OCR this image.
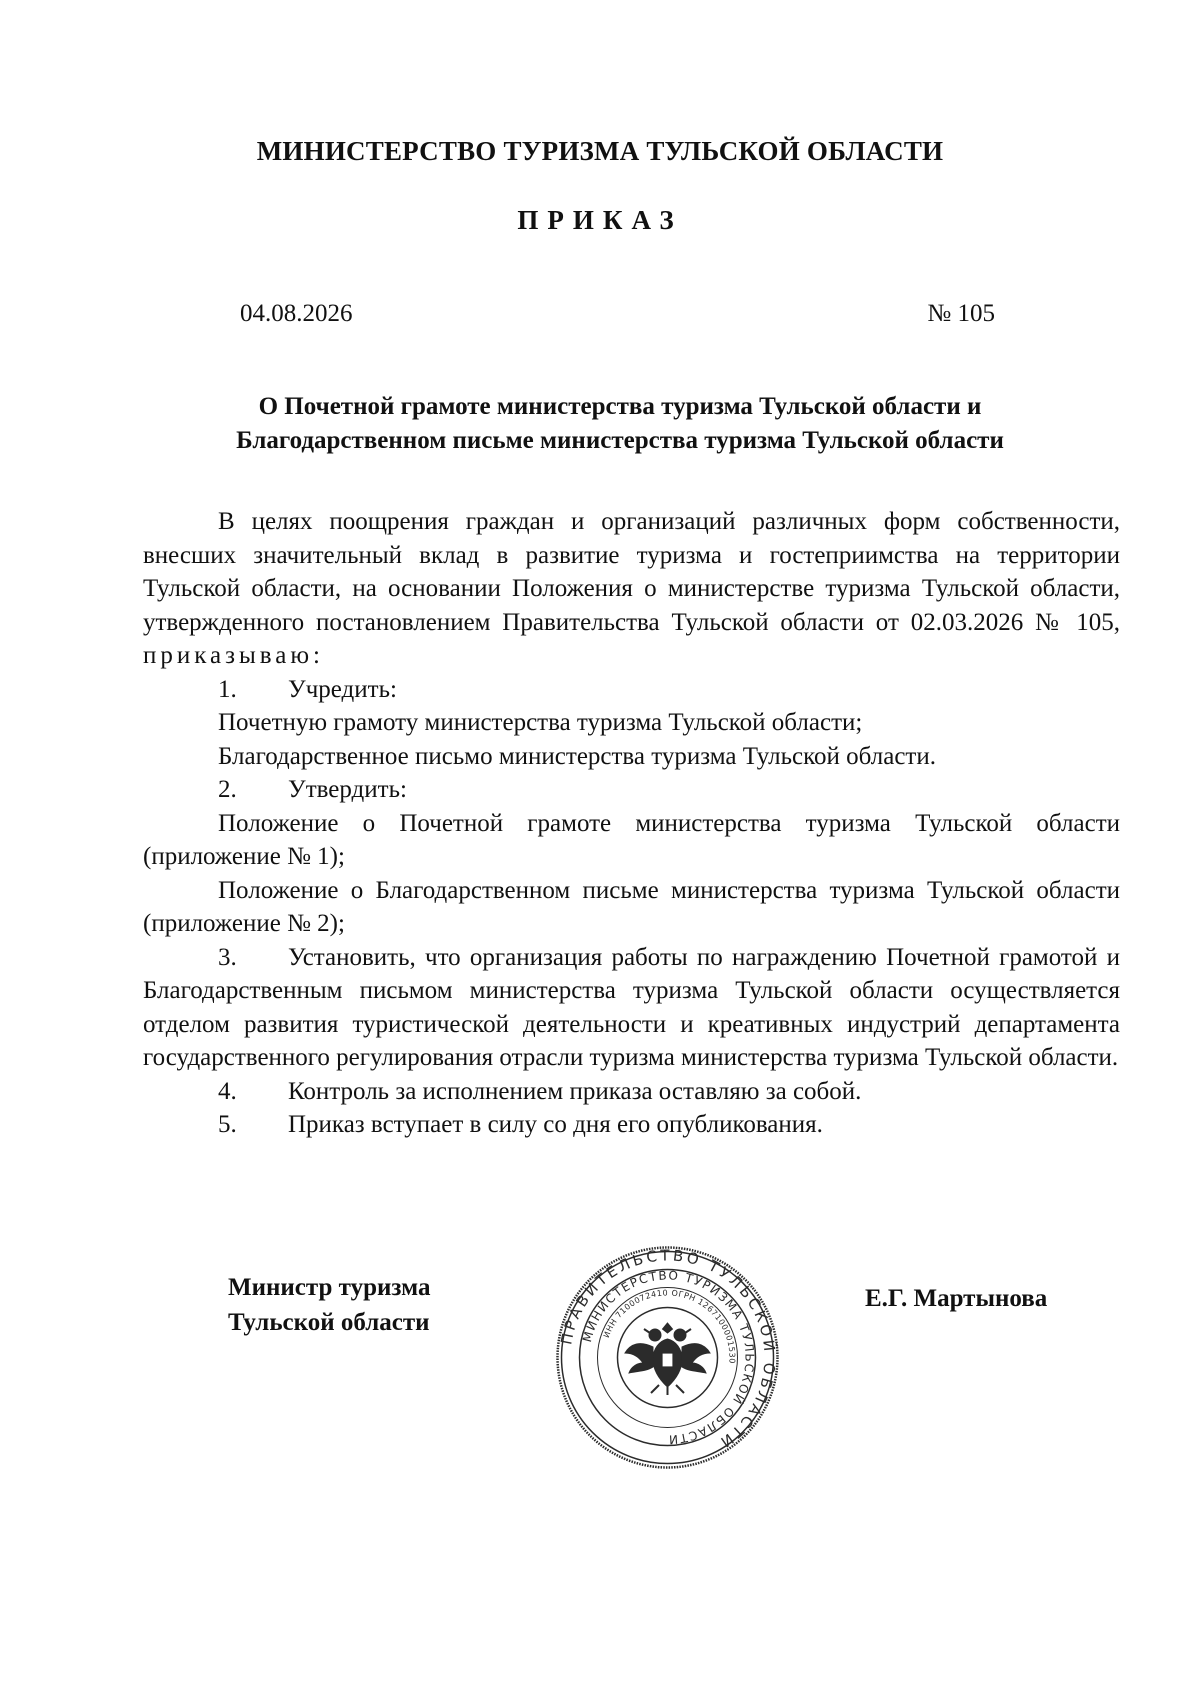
МИНИСТЕРСТВО ТУРИЗМА ТУЛЬСКОЙ ОБЛАСТИ
ПРИКАЗ
04.08.2026	№ 105
О Почетной грамоте министерства туризма Тульской области и
Благодарственном письме министерства туризма Тульской области

В целях поощрения граждан и организаций различных форм собственности, внесших значительный вклад в развитие туризма и гостеприимства на территории Тульской области, на основании Положения о министерстве туризма Тульской области, утвержденного постановлением Правительства Тульской области от 02.03.2026 № 105, приказываю:

1. Учредить:
Почетную грамоту министерства туризма Тульской области;
Благодарственное письмо министерства туризма Тульской области.
2. Утвердить:

Положение о Почетной грамоте министерства туризма Тульской области (приложение № 1);

Положение о Благодарственном письме министерства туризма Тульской области (приложение № 2);

3. Установить, что организация работы по награждению Почетной грамотой и Благодарственным письмом министерства туризма Тульской области осуществляется отделом развития туристической деятельности и креативных индустрий департамента государственного регулирования отрасли туризма министерства туризма Тульской области.

4. Контроль за исполнением приказа оставляю за собой.
5. Приказ вступает в силу со дня его опубликования.
Министр туризма
Тульской области
ПРАВИТЕЛЬСТВО ТУЛЬСКОЙ ОБЛАСТИ
МИНИСТЕРСТВО ТУРИЗМА ТУЛЬСКОЙ ОБЛАСТИ
ИНН 7100072410 ОГРН 1267100001530
Е.Г. Мартынова
